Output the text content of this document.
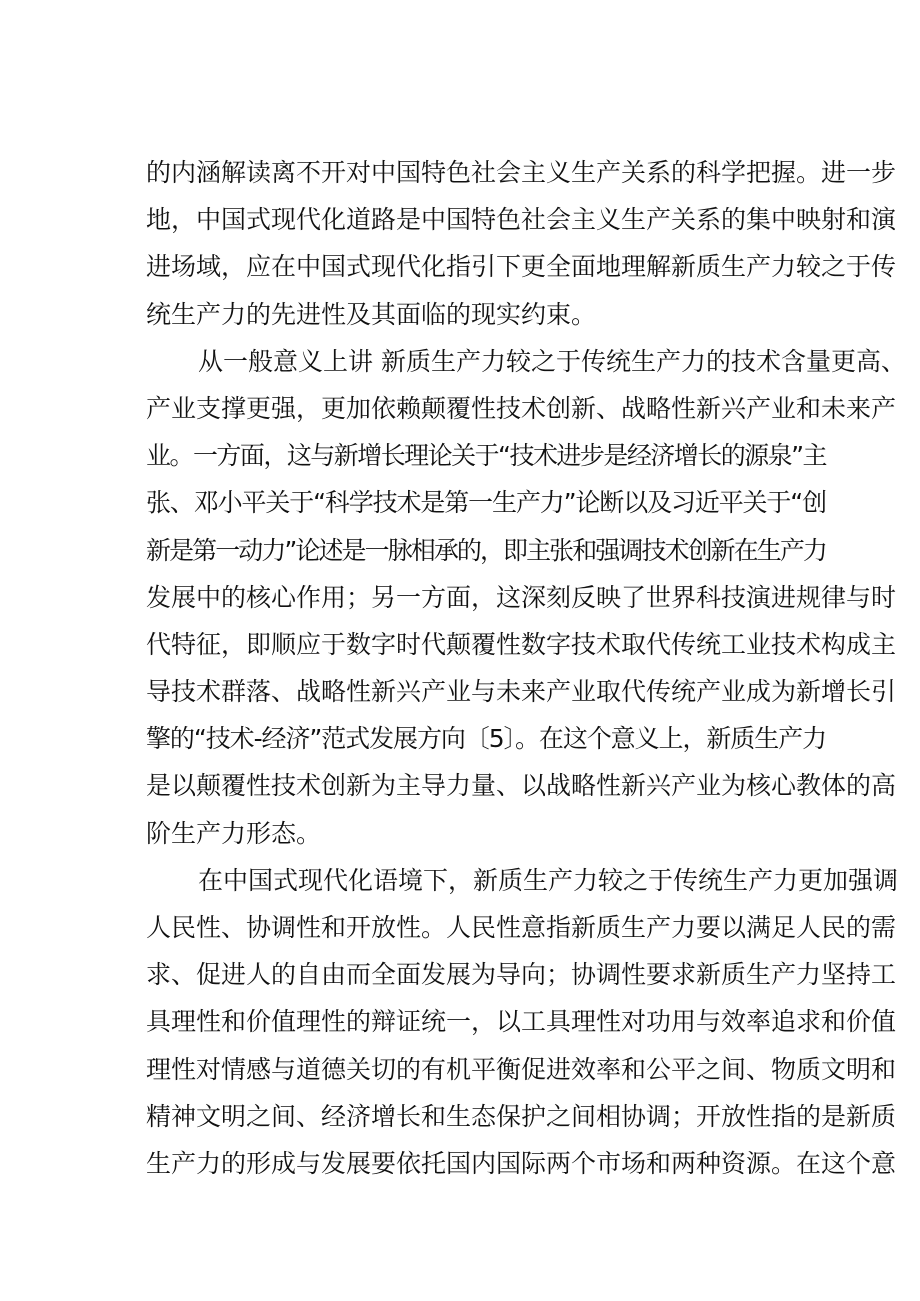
的内涵解读离不开对中国特色社会主义生产关系的科学把握。进一步
地，中国式现代化道路是中国特色社会主义生产关系的集中映射和演
进场域，应在中国式现代化指引下更全面地理解新质生产力较之于传
统生产力的先进性及其面临的现实约束。
从一般意义上讲 新质生产力较之于传统生产力的技术含量更高、
产业支撑更强，更加依赖颠覆性技术创新、战略性新兴产业和未来产
业。一方面，这与新增长理论关于“技术进步是经济增长的源泉”主
张、邓小平关于“科学技术是第一生产力”论断以及习近平关于“创
新是第一动力”论述是一脉相承的，即主张和强调技术创新在生产力
发展中的核心作用；另一方面，这深刻反映了世界科技演进规律与时
代特征，即顺应于数字时代颠覆性数字技术取代传统工业技术构成主
导技术群落、战略性新兴产业与未来产业取代传统产业成为新增长引
擎的“技术-经济”范式发展方向〔5〕。在这个意义上，新质生产力
是以颠覆性技术创新为主导力量、以战略性新兴产业为核心教体的高
阶生产力形态。
在中国式现代化语境下，新质生产力较之于传统生产力更加强调
人民性、协调性和开放性。人民性意指新质生产力要以满足人民的需
求、促进人的自由而全面发展为导向；协调性要求新质生产力坚持工
具理性和价值理性的辩证统一，以工具理性对功用与效率追求和价值
理性对情感与道德关切的有机平衡促进效率和公平之间、物质文明和
精神文明之间、经济增长和生态保护之间相协调；开放性指的是新质
生产力的形成与发展要依托国内国际两个市场和两种资源。在这个意
